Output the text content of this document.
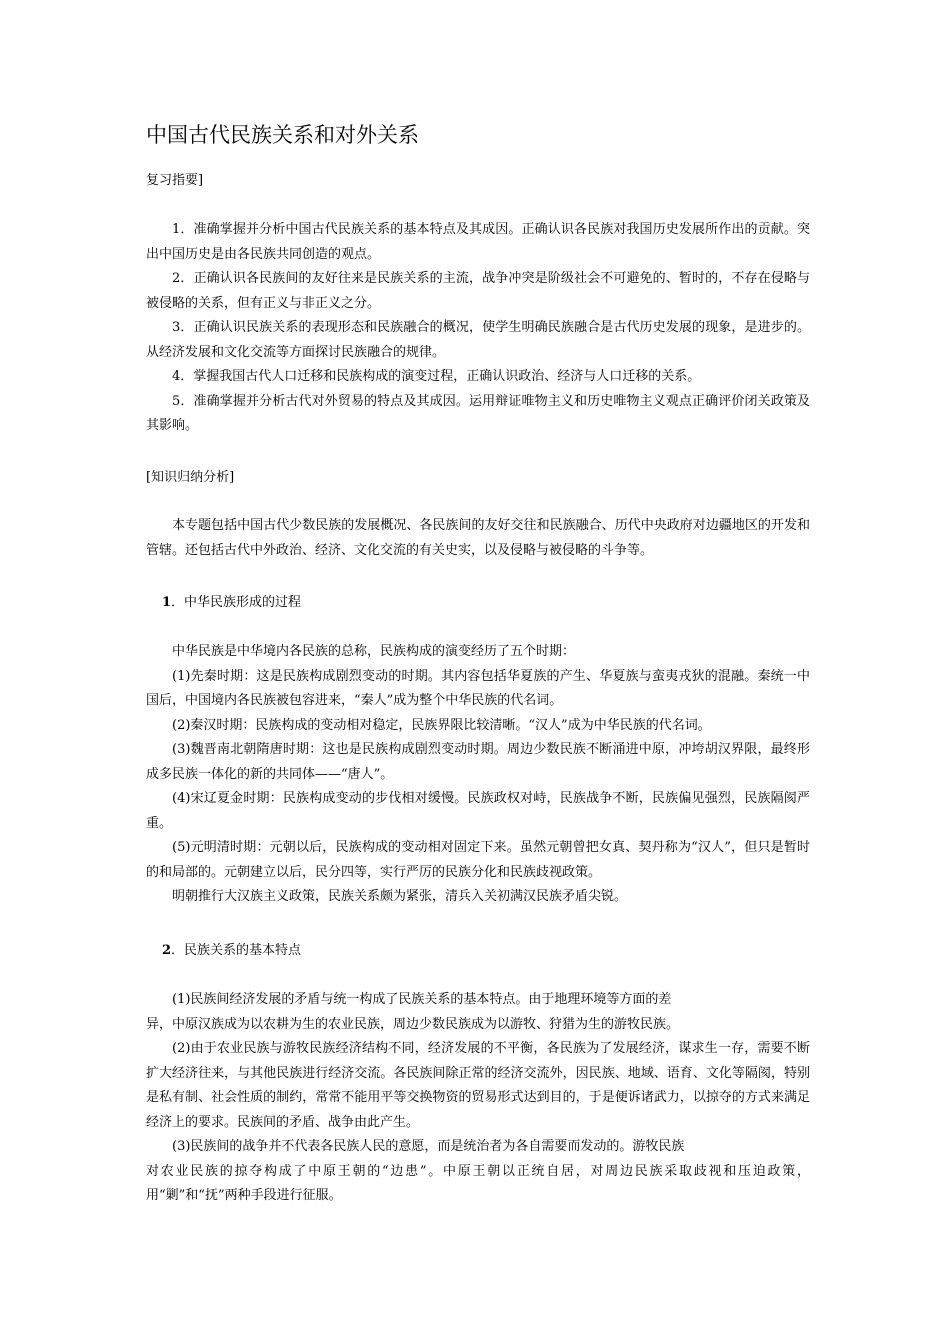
中国古代民族关系和对外关系
复习指要]

1．准确掌握并分析中国古代民族关系的基本特点及其成因。正确认识各民族对我国历史发展所作出的贡献。突出中国历史是由各民族共同创造的观点。

2．正确认识各民族间的友好往来是民族关系的主流，战争冲突是阶级社会不可避免的、暂时的，不存在侵略与被侵略的关系，但有正义与非正义之分。

3．正确认识民族关系的表现形态和民族融合的概况，使学生明确民族融合是古代历史发展的现象，是进步的。从经济发展和文化交流等方面探讨民族融合的规律。

4．掌握我国古代人口迁移和民族构成的演变过程，正确认识政治、经济与人口迁移的关系。

5．准确掌握并分析古代对外贸易的特点及其成因。运用辩证唯物主义和历史唯物主义观点正确评价闭关政策及其影响。

[知识归纳分析]

本专题包括中国古代少数民族的发展概况、各民族间的友好交往和民族融合、历代中央政府对边疆地区的开发和管辖。还包括古代中外政治、经济、文化交流的有关史实，以及侵略与被侵略的斗争等。

1．中华民族形成的过程

中华民族是中华境内各民族的总称，民族构成的演变经历了五个时期：

(1)先秦时期：这是民族构成剧烈变动的时期。其内容包括华夏族的产生、华夏族与蛮夷戎狄的混融。秦统一中国后，中国境内各民族被包容进来，“秦人”成为整个中华民族的代名词。

(2)秦汉时期：民族构成的变动相对稳定，民族界限比较清晰。“汉人”成为中华民族的代名词。

(3)魏晋南北朝隋唐时期：这也是民族构成剧烈变动时期。周边少数民族不断涌进中原，冲垮胡汉界限，最终形成多民族一体化的新的共同体——“唐人”。

(4)宋辽夏金时期：民族构成变动的步伐相对缓慢。民族政权对峙，民族战争不断，民族偏见强烈，民族隔阂严重。

(5)元明清时期：元朝以后，民族构成的变动相对固定下来。虽然元朝曾把女真、契丹称为“汉人”，但只是暂时的和局部的。元朝建立以后，民分四等，实行严厉的民族分化和民族歧视政策。

明朝推行大汉族主义政策，民族关系颇为紧张，清兵入关初满汉民族矛盾尖锐。

2．民族关系的基本特点

(1)民族间经济发展的矛盾与统一构成了民族关系的基本特点。由于地理环境等方面的差

异，中原汉族成为以农耕为生的农业民族，周边少数民族成为以游牧、狩猎为生的游牧民族。

(2)由于农业民族与游牧民族经济结构不同，经济发展的不平衡，各民族为了发展经济，谋求生一存，需要不断扩大经济往来，与其他民族进行经济交流。各民族间除正常的经济交流外，因民族、地域、语育、文化等隔阂，特别是私有制、社会性质的制约，常常不能用平等交换物资的贸易形式达到目的，于是便诉诸武力，以掠夺的方式来满足经济上的要求。民族间的矛盾、战争由此产生。

(3)民族间的战争并不代表各民族人民的意愿，而是统治者为各自需要而发动的。游牧民族

对农业民族的掠夺构成了中原王朝的“边患”。中原王朝以正统自居，对周边民族采取歧视和压迫政策，用“剿”和“抚”两种手段进行征服。
